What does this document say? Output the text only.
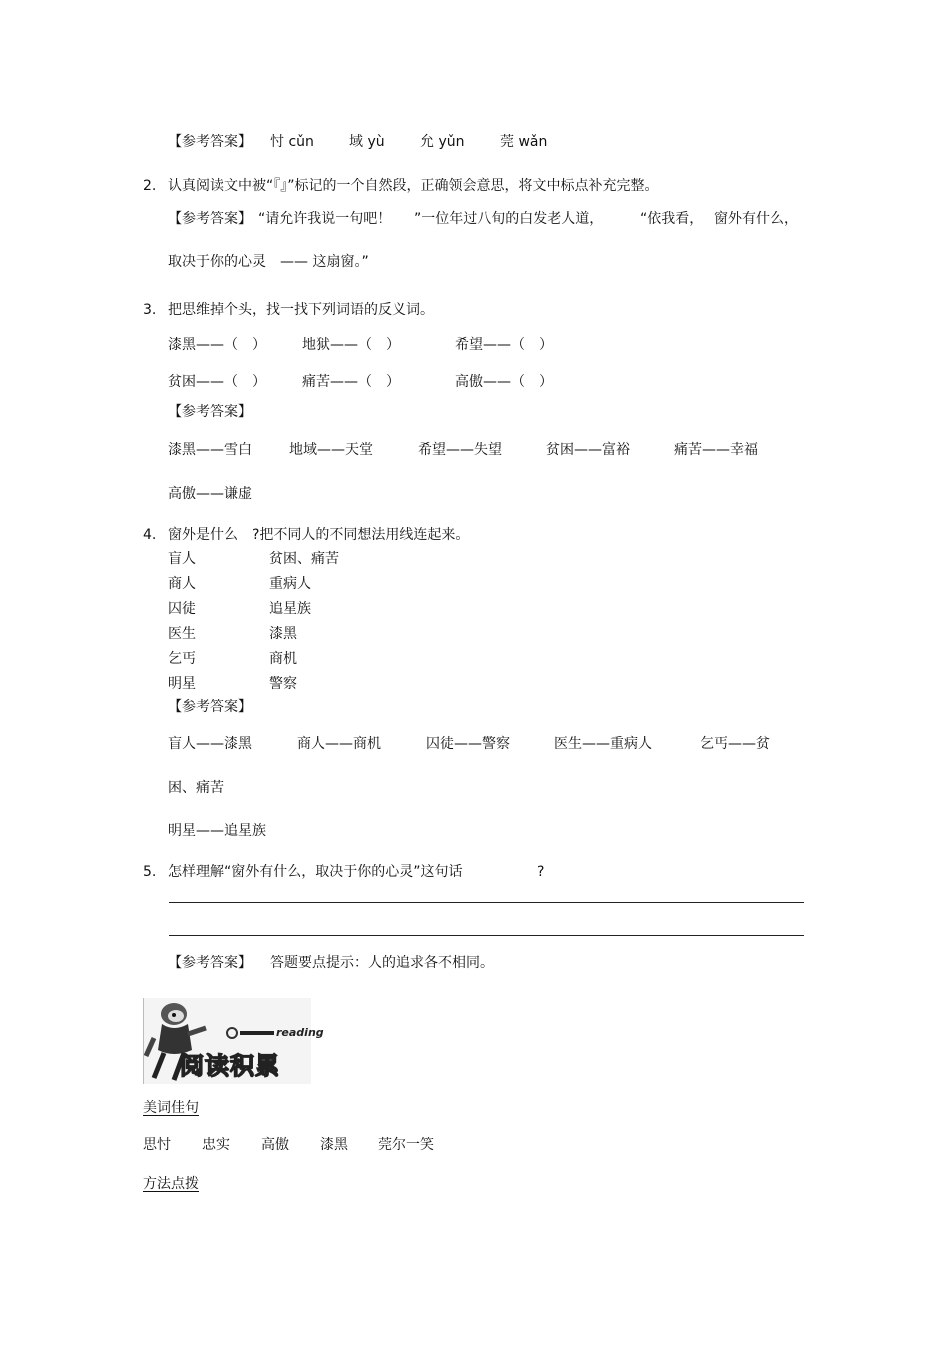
【参考答案】 忖 cǔn	域 yù	允 yǔn	莞 wǎn
2. 认真阅读文中被“『』”标记的一个自然段，正确领会意思，将文中标点补充完整。
【参考答案】 “请允许我说一句吧！ ”一位年过八旬的白发老人道，	“依我看， 窗外有什么，
取决于你的心灵　—— 这扇窗。”
3. 把思维掉个头，找一找下列词语的反义词。
漆黑——（　）	地狱——（　）	希望——（　）
贫困——（　）	痛苦——（　）	高傲——（　）
【参考答案】
漆黑——雪白	地域——天堂	希望——失望	贫困——富裕	痛苦——幸福
高傲——谦虚
4. 窗外是什么　?把不同人的不同想法用线连起来。
盲人	贫困、痛苦
商人	重病人
囚徒	追星族
医生	漆黑
乞丐	商机
明星	警察
【参考答案】
盲人——漆黑	商人——商机	囚徒——警察	医生——重病人	乞丐——贫
困、痛苦
明星——追星族
5. 怎样理解“窗外有什么，取决于你的心灵”这句话	?
【参考答案】 答题要点提示：人的追求各不相同。
reading
阅读积累
美词佳句
思忖 忠实 高傲 漆黑 莞尔一笑
方法点拨
